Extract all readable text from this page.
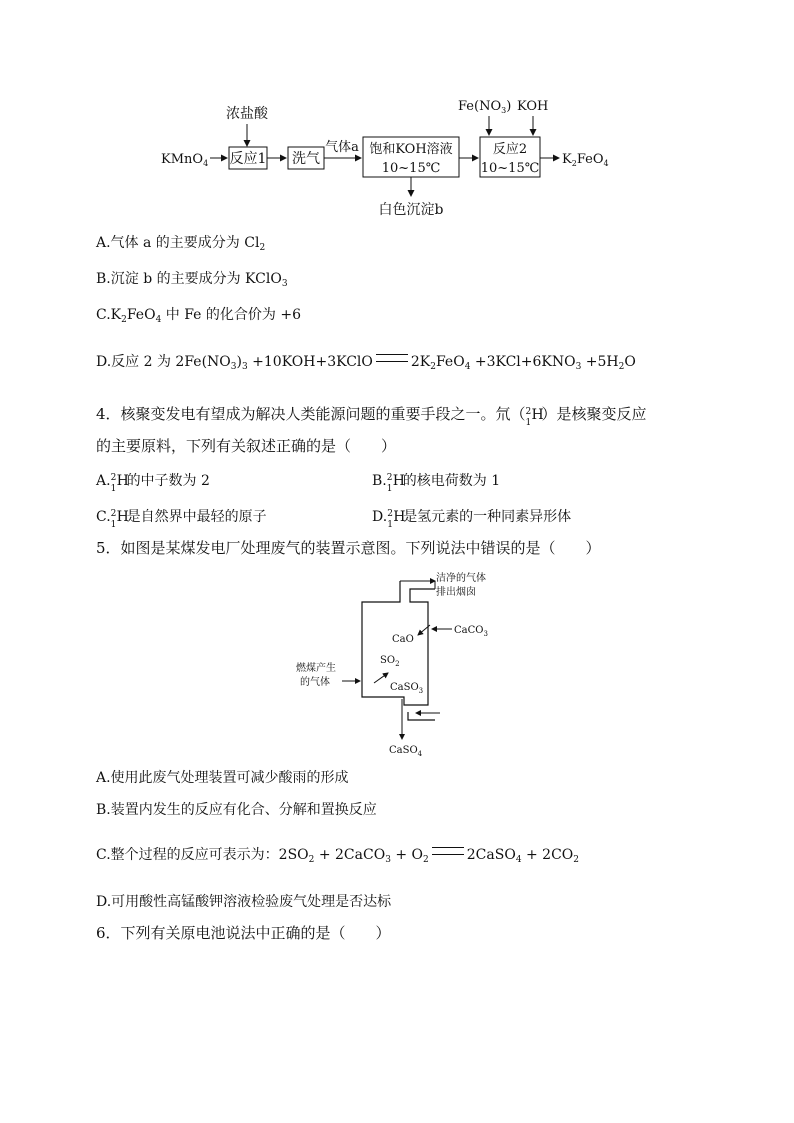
浓盐酸
KMnO$_4$ 反应1 洗气
气体a 饱和KOH溶液
10~15℃
白色沉淀b
$Fe(NO_3)$ KOH
反应2
10~15℃
$K_2FeO_4$
A.气体 a 的主要成分为 $Cl_2$
B.沉淀 b 的主要成分为 KClO$_3$
$C.K_2FeO_4$ 中 Fe 的化合价为 +6
D.反应 2 为 $2Fe(NO_3)_3$ +10KOH+3KClO	$2K_2FeO_4 +3KCl+6KNO_3 +5H_2O$
4．核聚变发电有望成为解决人类能源问题的重要手段之一。氘（ 2
1 H
）是核聚变反应
的主要原料，下列有关叙述正确的是（　　）
A. 2
1 H
的中子数为 2	B. 2
1 H
的核电荷数为 1
C. 2
1 H
是自然界中最轻的原子	D. 2
1 H
是氢元素的一种同素异形体
5．如图是某煤发电厂处理废气的装置示意图。下列说法中错误的是（　　）
洁净的气体
排出烟囱
CaO
CaCO$_3$
$SO_2$
燃煤产生
的气体	CaSO$_3$
CaSO$_4$
A.使用此废气处理装置可减少酸雨的形成
B.装置内发生的反应有化合、分解和置换反应
C.整个过程的反应可表示为：$2SO_2$ + 2CaCO$_3$ + $O_2$	2CaSO$_4$ + $2CO_2$
D.可用酸性高锰酸钾溶液检验废气处理是否达标
6．下列有关原电池说法中正确的是（　　）
